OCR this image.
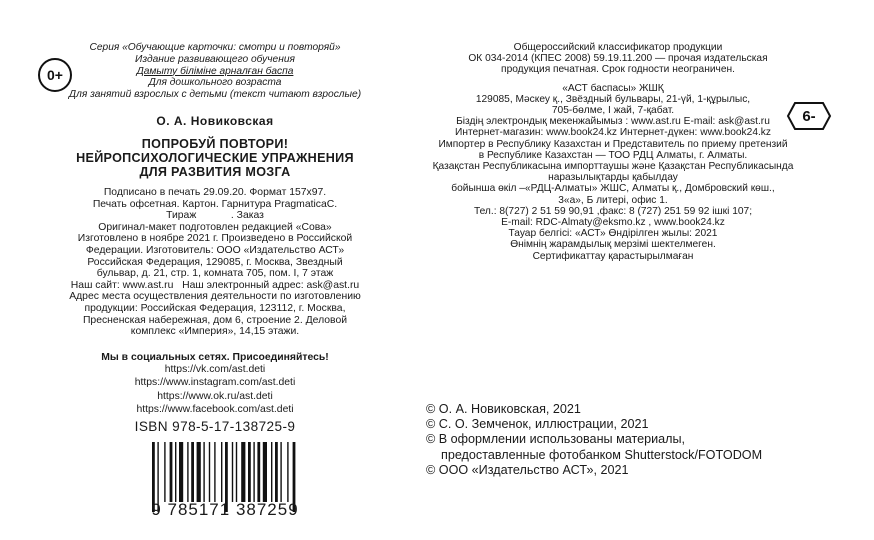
0+
6-
Серия «Обучающие карточки: смотри и повторяй»
Издание развивающего обучения
Дамыту біліміне арналған баспа
Для дошкольного возраста
Для занятий взрослых с детьми (текст читают взрослые)
О. А. Новиковская
ПОПРОБУЙ ПОВТОРИ!
НЕЙРОПСИХОЛОГИЧЕСКИЕ УПРАЖНЕНИЯ
ДЛЯ РАЗВИТИЯ МОЗГА
Подписано в печать 29.09.20. Формат 157х97.
Печать офсетная. Картон. Гарнитура PragmaticaC.
Тираж            . Заказ
Оригинал-макет подготовлен редакцией «Сова»
Изготовлено в ноябре 2021 г. Произведено в Российской
Федерации. Изготовитель: ООО «Издательство АСТ»
Российская Федерация, 129085, г. Москва, Звездный
бульвар, д. 21, стр. 1, комната 705, пом. I, 7 этаж
Наш сайт: www.ast.ru   Наш электронный адрес: ask@ast.ru
Адрес места осуществления деятельности по изготовлению
продукции: Российская Федерация, 123112, г. Москва,
Пресненская набережная, дом 6, строение 2. Деловой
комплекс «Империя», 14,15 этажи.
Мы в социальных сетях. Присоединяйтесь!
https://vk.com/ast.deti
https://www.instagram.com/ast.deti
https://www.ok.ru/ast.deti
https://www.facebook.com/ast.deti
ISBN 978-5-17-138725-9
9 785171 387259
Общероссийский классификатор продукции
ОК 034-2014 (КПЕС 2008) 59.19.11.200 — прочая издательская
продукция печатная. Срок годности неограничен.
«АСТ баспасы» ЖШҚ
129085, Мәскеу қ., Звёздный бульвары, 21-үй, 1-құрылыс,
705-бөлме, I жай, 7-қабат.
Біздің электрондық мекенжайымыз : www.ast.ru E-mail: ask@ast.ru
Интернет-магазин: www.book24.kz Интернет-дүкен: www.book24.kz
Импортер в Республику Казахстан и Представитель по приему претензий
в Республике Казахстан — ТОО РДЦ Алматы, г. Алматы.
Қазақстан Республикасына импорттаушы және Қазақстан Республикасында
наразылықтарды қабылдау
бойынша өкіл –«РДЦ-Алматы» ЖШС, Алматы қ., Домбровский көш.,
3«а», Б литері, офис 1.
Тел.: 8(727) 2 51 59 90,91 ,факс: 8 (727) 251 59 92 ішкі 107;
E-mail: RDC-Almaty@eksmo.kz , www.book24.kz
Тауар белгісі: «АСТ» Өндірілген жылы: 2021
Өнімнің жарамдылық мерзімі шектелмеген.
Сертификаттау қарастырылмаған
© О. А. Новиковская, 2021
© С. О. Земченок, иллюстрации, 2021
© В оформлении использованы материалы,
предоставленные фотобанком Shutterstock/FOTODOM
© ООО «Издательство АСТ», 2021
